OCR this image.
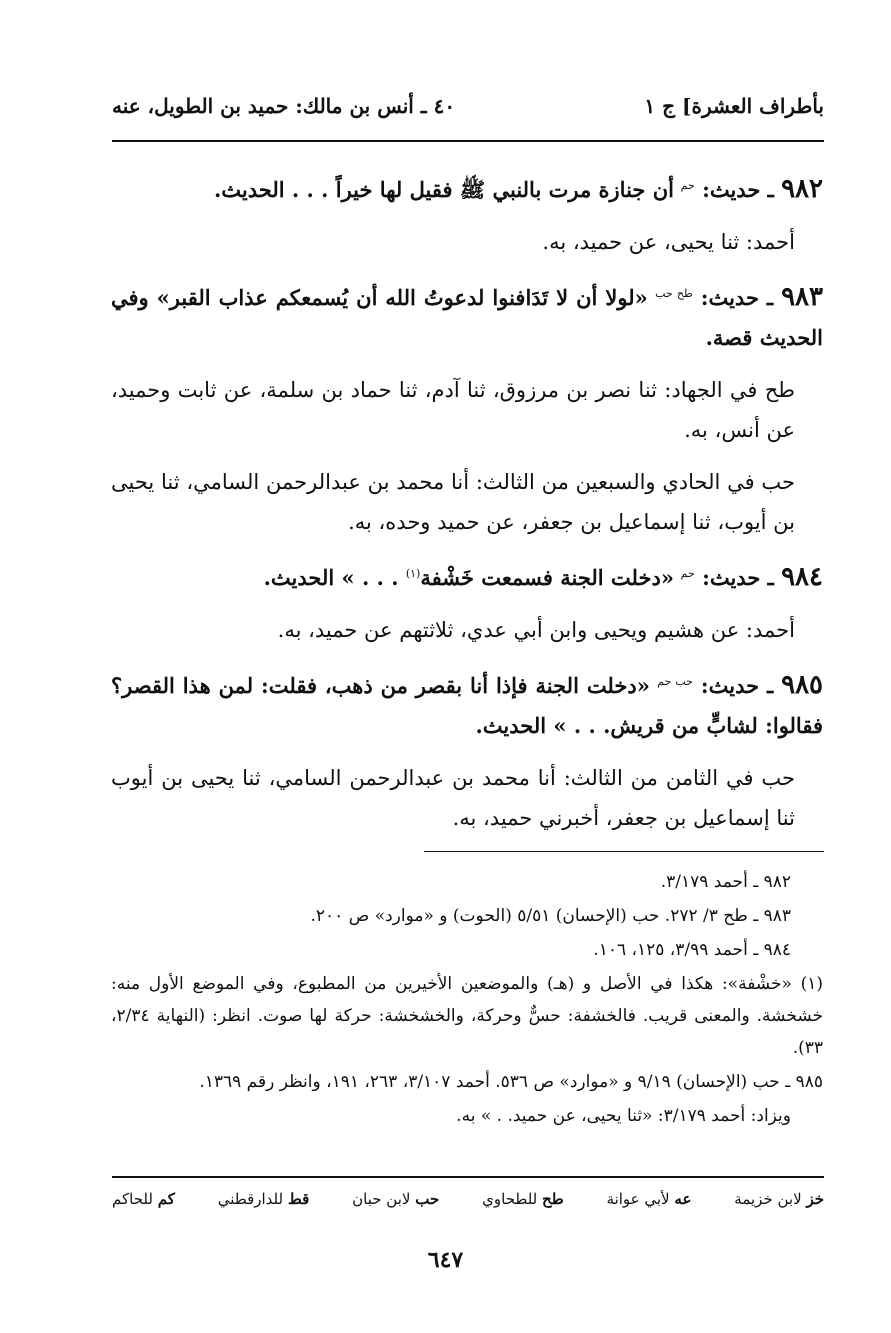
بأطراف العشرة] ج ١
٤٠ ـ أنس بن مالك: حميد بن الطويل، عنه
٩٨٢ ـ حديث: $^{حم}$ أن جنازة مرت بالنبي ﷺ فقيل لها خيراً . . . الحديث.
أحمد: ثنا يحيى، عن حميد، به.
٩٨٣ ـ حديث: $^{طح حب}$ «لولا أن لا تَدَافنوا لدعوتُ الله أن يُسمعكم عذاب القبر» وفي الحديث قصة.
طح في الجهاد: ثنا نصر بن مرزوق، ثنا آدم، ثنا حماد بن سلمة، عن ثابت وحميد، عن أنس، به.
حب في الحادي والسبعين من الثالث: أنا محمد بن عبدالرحمن السامي، ثنا يحيى بن أيوب، ثنا إسماعيل بن جعفر، عن حميد وحده، به.
٩٨٤ ـ حديث: $^{حم}$ «دخلت الجنة فسمعت خَشْفة$^{(١)}$ . . . » الحديث.
أحمد: عن هشيم ويحيى وابن أبي عدي، ثلاثتهم عن حميد، به.
٩٨٥ ـ حديث: $^{حب حم}$ «دخلت الجنة فإذا أنا بقصر من ذهب، فقلت: لمن هذا القصر؟ فقالوا: لشابٍّ من قريش. . . » الحديث.
حب في الثامن من الثالث: أنا محمد بن عبدالرحمن السامي، ثنا يحيى بن أيوب ثنا إسماعيل بن جعفر، أخبرني حميد، به.
٩٨٢ ـ أحمد ٣/١٧٩.
٩٨٣ ـ طح ٣/ ٢٧٢. حب (الإحسان) ٥/٥١ (الحوت) و «موارد» ص ٢٠٠.
٩٨٤ ـ أحمد ٣/٩٩، ١٢٥، ١٠٦.
(١) «خشْفة»: هكذا في الأصل و (هـ) والموضعين الأخيرين من المطبوع، وفي الموضع الأول منه: خشخشة. والمعنى قريب. فالخشفة: حسٌّ وحركة، والخشخشة: حركة لها صوت. انظر: (النهاية ٢/٣٤، ٣٣).
٩٨٥ ـ حب (الإحسان) ٩/١٩ و «موارد» ص ٥٣٦. أحمد ٣/١٠٧، ٢٦٣، ١٩١، وانظر رقم ١٣٦٩.
ويزاد: أحمد ٣/١٧٩: «ثنا يحيى، عن حميد. . » به.
خز لابن خزيمة
عه لأبي عوانة
طح للطحاوي
حب لابن حبان
قط للدارقطني
كم للحاكم
٦٤٧
